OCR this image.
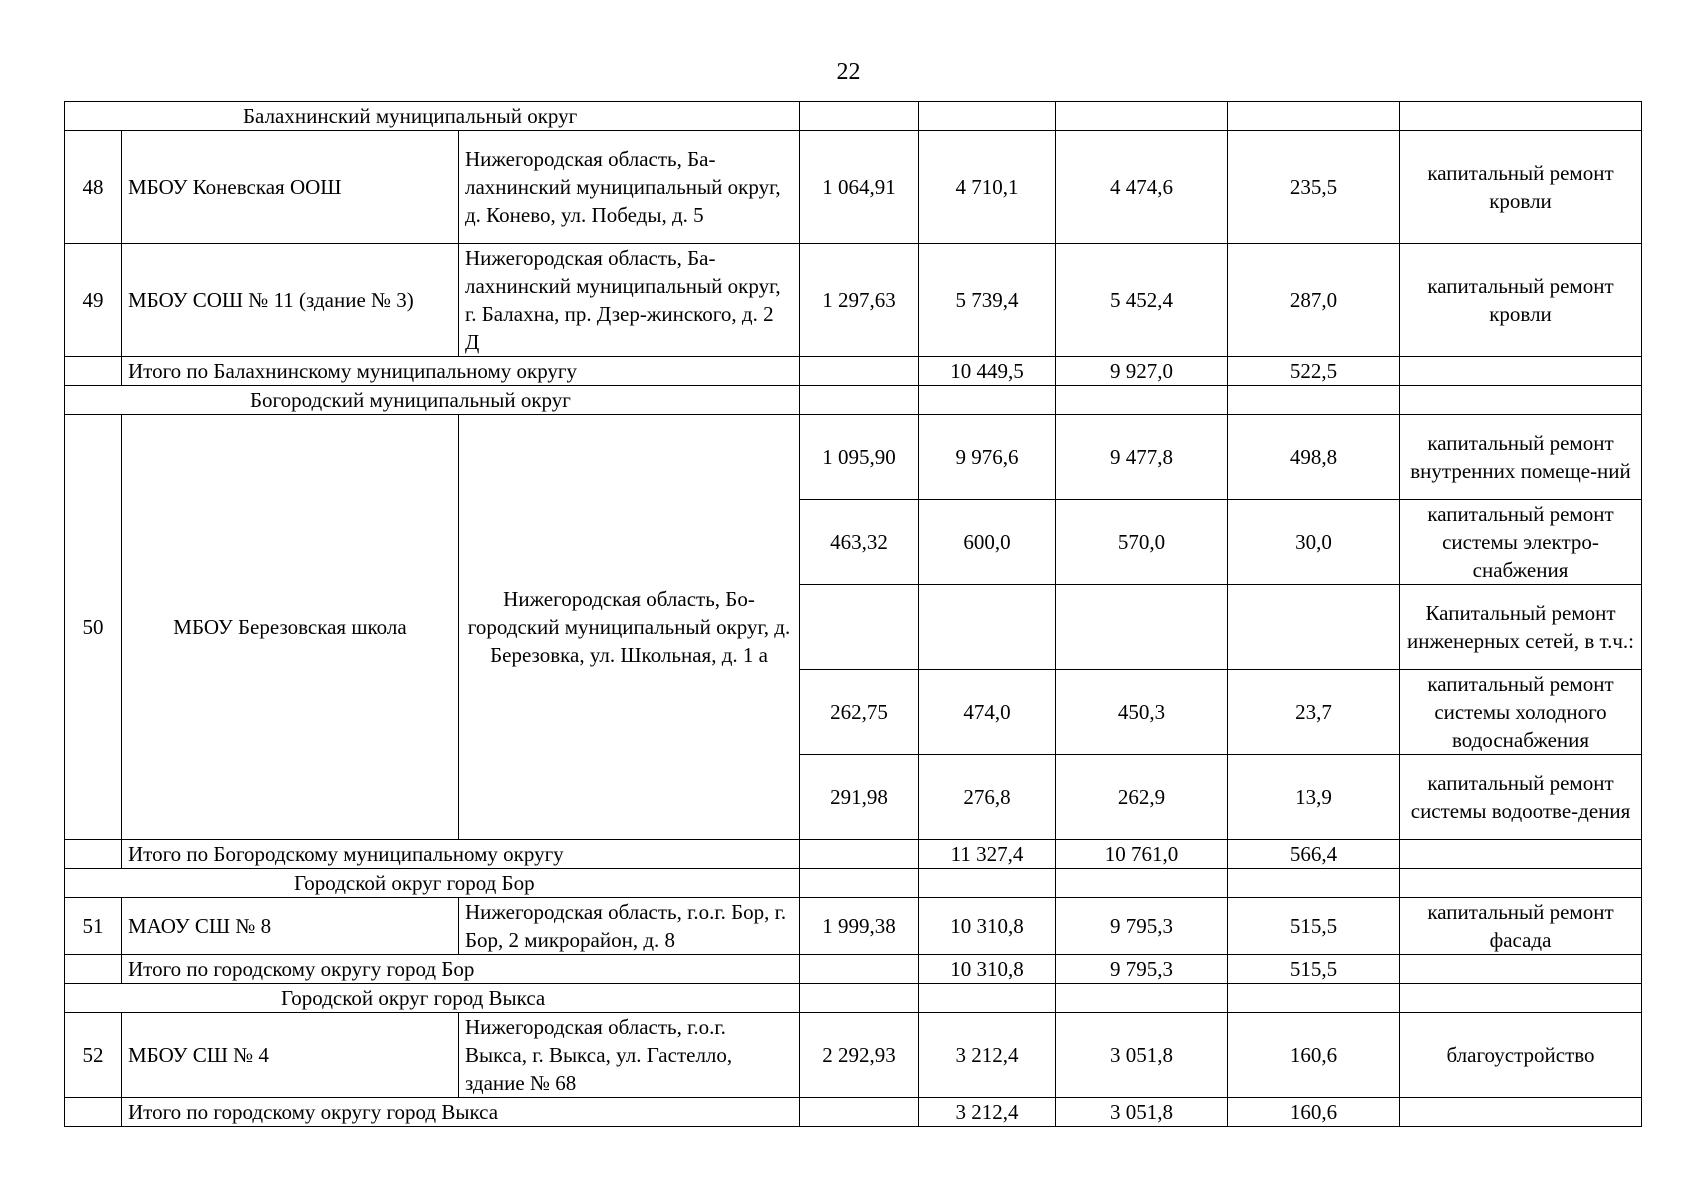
22
Балахнинский муниципальный округ							
48	МБОУ Коневская ООШ	Нижегородская область, Ба-лахнинский муниципальный округ, д. Конево, ул. Победы, д. 5	1 064,91	4 710,1	4 474,6	235,5	капитальный ремонт кровли
49	МБОУ СОШ № 11 (здание № 3)	Нижегородская область, Ба-лахнинский муниципальный округ, г. Балахна, пр. Дзер-жинского, д. 2 Д	1 297,63	5 739,4	5 452,4	287,0	капитальный ремонт кровли
	Итого по Балахнинскому муниципальному округу			10 449,5	9 927,0	522,5	
Богородский муниципальный округ							
50	МБОУ Березовская школа	Нижегородская область, Бо-городский муниципальный округ, д. Березовка, ул. Школьная, д. 1 а	1 095,90	9 976,6	9 477,8	498,8	капитальный ремонт внутренних помеще-ний
			463,32	600,0	570,0	30,0	капитальный ремонт системы электро-снабжения
							Капитальный ремонт инженерных сетей, в т.ч.:
			262,75	474,0	450,3	23,7	капитальный ремонт системы холодного водоснабжения
			291,98	276,8	262,9	13,9	капитальный ремонт системы водоотве-дения
	Итого по Богородскому муниципальному округу			11 327,4	10 761,0	566,4	
Городской округ город Бор							
51	МАОУ СШ № 8	Нижегородская область, г.о.г. Бор, г. Бор, 2 микрорайон, д. 8	1 999,38	10 310,8	9 795,3	515,5	капитальный ремонт фасада
	Итого по городскому округу город Бор			10 310,8	9 795,3	515,5	
Городской округ город Выкса							
52	МБОУ СШ № 4	Нижегородская область, г.о.г. Выкса, г. Выкса, ул. Гастелло, здание № 68	2 292,93	3 212,4	3 051,8	160,6	благоустройство
	Итого по городскому округу город Выкса			3 212,4	3 051,8	160,6	
